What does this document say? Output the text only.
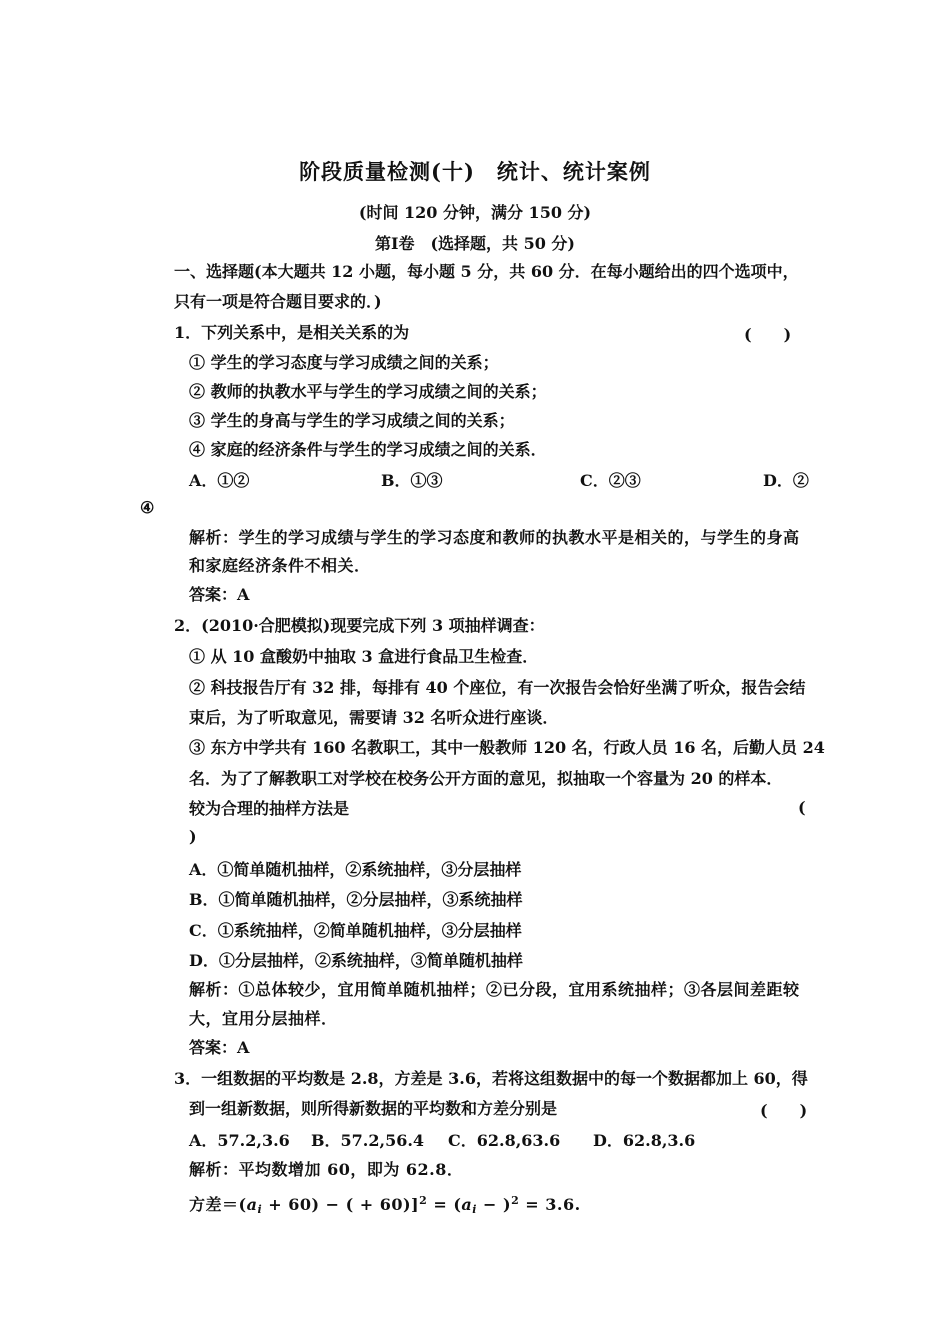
阶段质量检测(十)　统计、统计案例
(时间 120 分钟，满分 150 分)
第Ⅰ卷　(选择题，共 50 分)
一、选择题(本大题共 12 小题，每小题 5 分，共 60 分．在每小题给出的四个选项中，
只有一项是符合题目要求的．)
1．下列关系中，是相关关系的为	(　　)
① 学生的学习态度与学习成绩之间的关系；
② 教师的执教水平与学生的学习成绩之间的关系；
③ 学生的身高与学生的学习成绩之间的关系；
④ 家庭的经济条件与学生的学习成绩之间的关系．
A．①②	B．①③	C．②③	D．②
④
解析：学生的学习成绩与学生的学习态度和教师的执教水平是相关的，与学生的身高
和家庭经济条件不相关．
答案：A
2．(2010·合肥模拟)现要完成下列 3 项抽样调查：
① 从 10 盒酸奶中抽取 3 盒进行食品卫生检查．
② 科技报告厅有 32 排，每排有 40 个座位，有一次报告会恰好坐满了听众，报告会结
束后，为了听取意见，需要请 32 名听众进行座谈．
③ 东方中学共有 160 名教职工，其中一般教师 120 名，行政人员 16 名，后勤人员 24
名．为了了解教职工对学校在校务公开方面的意见，拟抽取一个容量为 20 的样本．
较为合理的抽样方法是	(
)
A．①简单随机抽样，②系统抽样，③分层抽样
B．①简单随机抽样，②分层抽样，③系统抽样
C．①系统抽样，②简单随机抽样，③分层抽样
D．①分层抽样，②系统抽样，③简单随机抽样
解析：①总体较少，宜用简单随机抽样；②已分段，宜用系统抽样；③各层间差距较
大，宜用分层抽样．
答案：A
3．一组数据的平均数是 2.8，方差是 3.6，若将这组数据中的每一个数据都加上 60，得
到一组新数据，则所得新数据的平均数和方差分别是	(　　)
A．57.2,3.6 B．57.2,56.4 C．62.8,63.6 D．62.8,3.6
解析：平均数增加 60，即为 62.8．
方差$=(a_i + 60)$ − ( + $60)]^2 = (a_i - )^2 = 3.6$.
